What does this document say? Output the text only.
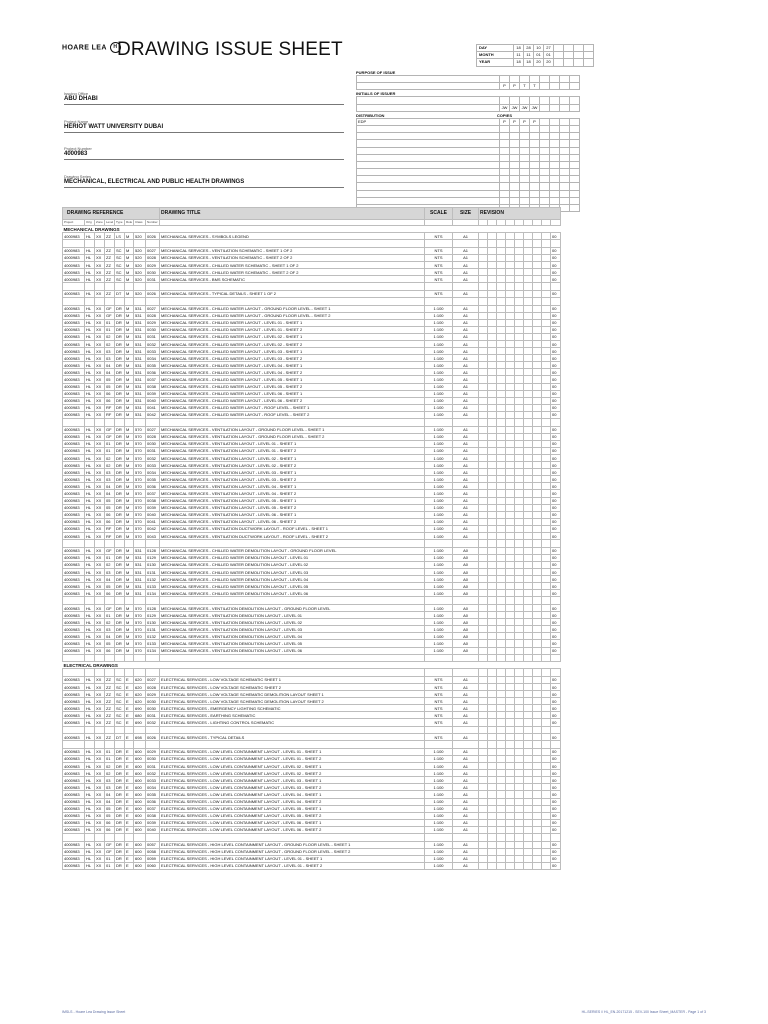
HOARE LEA H DRAWING ISSUE SHEET	DAY	18	28	10	27				
MONTH	11	11	01	01				
YEAR	18	18	20	20				
Issuing Office
ABU DHABI
Project Name
HERIOT WATT UNIVERSITY DUBAI
Project Number
4000983
Drawing Series
MECHANICAL, ELECTRICAL AND PUBLIC HEALTH DRAWINGS
PURPOSE OF ISSUE

	P	P	T	T				
INITIALS OF ISSUER

	JW	JW	JW	JW				
DISTRIBUTION	COPIES
EDP	P	P	P	P				

DRAWING REFERENCE								DRAWING TITLE	SCALE	SIZE	REVISION								
Project	Orig	Zone	Level	Type	Role	Class	Number												
MECHANICAL DRAWINGS																			
4000983	HL	XX	ZZ	LS	M	520	0026	MECHANICAL SERVICES - SYMBOLS LEGEND	NTS	A1									00

4000983	HL	XX	ZZ	SC	M	520	0027	MECHANICAL SERVICES - VENTILATION SCHEMATIC - SHEET 1 OF 2	NTS	A1									00
4000983	HL	XX	ZZ	SC	M	520	0028	MECHANICAL SERVICES - VENTILATION SCHEMATIC - SHEET 2 OF 2	NTS	A1									00
4000983	HL	XX	ZZ	SC	M	520	0029	MECHANICAL SERVICES - CHILLED WATER SCHEMATIC - SHEET 1 OF 2	NTS	A1									00
4000983	HL	XX	ZZ	SC	M	520	0030	MECHANICAL SERVICES - CHILLED WATER SCHEMATIC - SHEET 2 OF 2	NTS	A1									00
4000983	HL	XX	ZZ	SC	M	520	0031	MECHANICAL SERVICES - BMS SCHEMATIC	NTS	A1									00

4000983	HL	XX	ZZ	DT	M	520	0026	MECHANICAL SERVICES - TYPICAL DETAILS - SHEET 1 OF 2	NTS	A1									00

4000983	HL	XX	GF	DR	M	531	0027	MECHANICAL SERVICES - CHILLED WATER LAYOUT - GROUND FLOOR LEVEL - SHEET 1	1:100	A1									00
4000983	HL	XX	GF	DR	M	531	0028	MECHANICAL SERVICES - CHILLED WATER LAYOUT - GROUND FLOOR LEVEL - SHEET 2	1:100	A1									00
4000983	HL	XX	01	DR	M	531	0029	MECHANICAL SERVICES - CHILLED WATER LAYOUT - LEVEL 01 - SHEET 1	1:100	A1									00
4000983	HL	XX	01	DR	M	531	0030	MECHANICAL SERVICES - CHILLED WATER LAYOUT - LEVEL 01 - SHEET 2	1:100	A1									00
4000983	HL	XX	02	DR	M	531	0031	MECHANICAL SERVICES - CHILLED WATER LAYOUT - LEVEL 02 - SHEET 1	1:100	A1									00
4000983	HL	XX	02	DR	M	531	0032	MECHANICAL SERVICES - CHILLED WATER LAYOUT - LEVEL 02 - SHEET 2	1:100	A1									00
4000983	HL	XX	03	DR	M	531	0033	MECHANICAL SERVICES - CHILLED WATER LAYOUT - LEVEL 03 - SHEET 1	1:100	A1									00
4000983	HL	XX	03	DR	M	531	0034	MECHANICAL SERVICES - CHILLED WATER LAYOUT - LEVEL 03 - SHEET 2	1:100	A1									00
4000983	HL	XX	04	DR	M	531	0035	MECHANICAL SERVICES - CHILLED WATER LAYOUT - LEVEL 04 - SHEET 1	1:100	A1									00
4000983	HL	XX	04	DR	M	531	0036	MECHANICAL SERVICES - CHILLED WATER LAYOUT - LEVEL 04 - SHEET 2	1:100	A1									00
4000983	HL	XX	05	DR	M	531	0037	MECHANICAL SERVICES - CHILLED WATER LAYOUT - LEVEL 05 - SHEET 1	1:100	A1									00
4000983	HL	XX	05	DR	M	531	0038	MECHANICAL SERVICES - CHILLED WATER LAYOUT - LEVEL 05 - SHEET 2	1:100	A1									00
4000983	HL	XX	06	DR	M	531	0039	MECHANICAL SERVICES - CHILLED WATER LAYOUT - LEVEL 06 - SHEET 1	1:100	A1									00
4000983	HL	XX	06	DR	M	531	0040	MECHANICAL SERVICES - CHILLED WATER LAYOUT - LEVEL 06 - SHEET 2	1:100	A1									00
4000983	HL	XX	RF	DR	M	531	0041	MECHANICAL SERVICES - CHILLED WATER LAYOUT - ROOF LEVEL - SHEET 1	1:100	A1									00
4000983	HL	XX	RF	DR	M	531	0042	MECHANICAL SERVICES - CHILLED WATER LAYOUT - ROOF LEVEL - SHEET 2	1:100	A1									00

4000983	HL	XX	GF	DR	M	570	0027	MECHANICAL SERVICES - VENTILATION LAYOUT - GROUND FLOOR LEVEL - SHEET 1	1:100	A1									00
4000983	HL	XX	GF	DR	M	570	0028	MECHANICAL SERVICES - VENTILATION LAYOUT - GROUND FLOOR LEVEL - SHEET 2	1:100	A1									00
4000983	HL	XX	01	DR	M	570	0030	MECHANICAL SERVICES - VENTILATION LAYOUT - LEVEL 01 - SHEET 1	1:100	A1									00
4000983	HL	XX	01	DR	M	570	0031	MECHANICAL SERVICES - VENTILATION LAYOUT - LEVEL 01 - SHEET 2	1:100	A1									00
4000983	HL	XX	02	DR	M	570	0032	MECHANICAL SERVICES - VENTILATION LAYOUT - LEVEL 02 - SHEET 1	1:100	A1									00
4000983	HL	XX	02	DR	M	570	0033	MECHANICAL SERVICES - VENTILATION LAYOUT - LEVEL 02 - SHEET 2	1:100	A1									00
4000983	HL	XX	03	DR	M	570	0034	MECHANICAL SERVICES - VENTILATION LAYOUT - LEVEL 03 - SHEET 1	1:100	A1									00
4000983	HL	XX	03	DR	M	570	0035	MECHANICAL SERVICES - VENTILATION LAYOUT - LEVEL 03 - SHEET 2	1:100	A1									00
4000983	HL	XX	04	DR	M	570	0036	MECHANICAL SERVICES - VENTILATION LAYOUT - LEVEL 04 - SHEET 1	1:100	A1									00
4000983	HL	XX	04	DR	M	570	0037	MECHANICAL SERVICES - VENTILATION LAYOUT - LEVEL 04 - SHEET 2	1:100	A1									00
4000983	HL	XX	05	DR	M	570	0038	MECHANICAL SERVICES - VENTILATION LAYOUT - LEVEL 05 - SHEET 1	1:100	A1									00
4000983	HL	XX	05	DR	M	570	0039	MECHANICAL SERVICES - VENTILATION LAYOUT - LEVEL 05 - SHEET 2	1:100	A1									00
4000983	HL	XX	06	DR	M	570	0040	MECHANICAL SERVICES - VENTILATION LAYOUT - LEVEL 06 - SHEET 1	1:100	A1									00
4000983	HL	XX	06	DR	M	570	0041	MECHANICAL SERVICES - VENTILATION LAYOUT - LEVEL 06 - SHEET 2	1:100	A1									00
4000983	HL	XX	RF	DR	M	570	0042	MECHANICAL SERVICES - VENTILATION DUCTWORK LAYOUT - ROOF LEVEL - SHEET 1	1:100	A1									00
4000983	HL	XX	RF	DR	M	570	0043	MECHANICAL SERVICES - VENTILATION DUCTWORK LAYOUT - ROOF LEVEL - SHEET 2	1:100	A1									00

4000983	HL	XX	GF	DR	M	531	0128	MECHANICAL SERVICES - CHILLED WATER DEMOLITION LAYOUT - GROUND FLOOR LEVEL	1:100	A0									00
4000983	HL	XX	01	DR	M	531	0129	MECHANICAL SERVICES - CHILLED WATER DEMOLITION LAYOUT - LEVEL 01	1:100	A0									00
4000983	HL	XX	02	DR	M	531	0130	MECHANICAL SERVICES - CHILLED WATER DEMOLITION LAYOUT - LEVEL 02	1:100	A0									00
4000983	HL	XX	03	DR	M	531	0131	MECHANICAL SERVICES - CHILLED WATER DEMOLITION LAYOUT - LEVEL 03	1:100	A0									00
4000983	HL	XX	04	DR	M	531	0132	MECHANICAL SERVICES - CHILLED WATER DEMOLITION LAYOUT - LEVEL 04	1:100	A0									00
4000983	HL	XX	05	DR	M	531	0133	MECHANICAL SERVICES - CHILLED WATER DEMOLITION LAYOUT - LEVEL 05	1:100	A0									00
4000983	HL	XX	06	DR	M	531	0134	MECHANICAL SERVICES - CHILLED WATER DEMOLITION LAYOUT - LEVEL 06	1:100	A0									00

4000983	HL	XX	GF	DR	M	570	0128	MECHANICAL SERVICES - VENTILATION DEMOLITION LAYOUT - GROUND FLOOR LEVEL	1:100	A0									00
4000983	HL	XX	01	DR	M	570	0129	MECHANICAL SERVICES - VENTILATION DEMOLITION LAYOUT - LEVEL 01	1:100	A0									00
4000983	HL	XX	02	DR	M	570	0130	MECHANICAL SERVICES - VENTILATION DEMOLITION LAYOUT - LEVEL 02	1:100	A0									00
4000983	HL	XX	03	DR	M	570	0131	MECHANICAL SERVICES - VENTILATION DEMOLITION LAYOUT - LEVEL 03	1:100	A0									00
4000983	HL	XX	04	DR	M	570	0132	MECHANICAL SERVICES - VENTILATION DEMOLITION LAYOUT - LEVEL 04	1:100	A0									00
4000983	HL	XX	05	DR	M	570	0133	MECHANICAL SERVICES - VENTILATION DEMOLITION LAYOUT - LEVEL 05	1:100	A0									00
4000983	HL	XX	06	DR	M	570	0134	MECHANICAL SERVICES - VENTILATION DEMOLITION LAYOUT - LEVEL 06	1:100	A0									00

ELECTRICAL DRAWINGS																			

4000983	HL	XX	ZZ	SC	E	620	0027	ELECTRICAL SERVICES - LOW VOLTAGE SCHEMATIC SHEET 1	NTS	A1									00
4000983	HL	XX	ZZ	SC	E	620	0028	ELECTRICAL SERVICES - LOW VOLTAGE SCHEMATIC SHEET 2	NTS	A1									00
4000983	HL	XX	ZZ	SC	E	620	0029	ELECTRICAL SERVICES - LOW VOLTAGE SCHEMATIC DEMOLITION LAYOUT SHEET 1	NTS	A1									00
4000983	HL	XX	ZZ	SC	E	620	0030	ELECTRICAL SERVICES - LOW VOLTAGE SCHEMATIC DEMOLITION LAYOUT SHEET 2	NTS	A1									00
4000983	HL	XX	ZZ	SC	E	690	0030	ELECTRICAL SERVICES - EMERGENCY LIGHTING SCHEMATIC	NTS	A1									00
4000983	HL	XX	ZZ	SC	E	680	0031	ELECTRICAL SERVICES - EARTHING SCHEMATIC	NTS	A1									00
4000983	HL	XX	ZZ	SC	E	690	0032	ELECTRICAL SERVICES - LIGHTING CONTROL SCHEMATIC	NTS	A1									00

4000983	HL	XX	ZZ	DT	E	698	0026	ELECTRICAL SERVICES - TYPICAL DETAILS	NTS	A1									00

4000983	HL	XX	01	DR	E	600	0029	ELECTRICAL SERVICES - LOW LEVEL CONTAINMENT LAYOUT - LEVEL 01 - SHEET 1	1:100	A1									00
4000983	HL	XX	01	DR	E	600	0030	ELECTRICAL SERVICES - LOW LEVEL CONTAINMENT LAYOUT - LEVEL 01 - SHEET 2	1:100	A1									00
4000983	HL	XX	02	DR	E	600	0031	ELECTRICAL SERVICES - LOW LEVEL CONTAINMENT LAYOUT - LEVEL 02 - SHEET 1	1:100	A1									00
4000983	HL	XX	02	DR	E	600	0032	ELECTRICAL SERVICES - LOW LEVEL CONTAINMENT LAYOUT - LEVEL 02 - SHEET 2	1:100	A1									00
4000983	HL	XX	03	DR	E	600	0033	ELECTRICAL SERVICES - LOW LEVEL CONTAINMENT LAYOUT - LEVEL 03 - SHEET 1	1:100	A1									00
4000983	HL	XX	03	DR	E	600	0034	ELECTRICAL SERVICES - LOW LEVEL CONTAINMENT LAYOUT - LEVEL 03 - SHEET 2	1:100	A1									00
4000983	HL	XX	04	DR	E	600	0035	ELECTRICAL SERVICES - LOW LEVEL CONTAINMENT LAYOUT - LEVEL 04 - SHEET 1	1:100	A1									00
4000983	HL	XX	04	DR	E	600	0036	ELECTRICAL SERVICES - LOW LEVEL CONTAINMENT LAYOUT - LEVEL 04 - SHEET 2	1:100	A1									00
4000983	HL	XX	05	DR	E	600	0037	ELECTRICAL SERVICES - LOW LEVEL CONTAINMENT LAYOUT - LEVEL 05 - SHEET 1	1:100	A1									00
4000983	HL	XX	05	DR	E	600	0038	ELECTRICAL SERVICES - LOW LEVEL CONTAINMENT LAYOUT - LEVEL 05 - SHEET 2	1:100	A1									00
4000983	HL	XX	06	DR	E	600	0039	ELECTRICAL SERVICES - LOW LEVEL CONTAINMENT LAYOUT - LEVEL 06 - SHEET 1	1:100	A1									00
4000983	HL	XX	06	DR	E	600	0040	ELECTRICAL SERVICES - LOW LEVEL CONTAINMENT LAYOUT - LEVEL 06 - SHEET 2	1:100	A1									00

4000983	HL	XX	GF	DR	E	600	0057	ELECTRICAL SERVICES - HIGH LEVEL CONTAINMENT LAYOUT - GROUND FLOOR LEVEL - SHEET 1	1:100	A1									00
4000983	HL	XX	GF	DR	E	600	0058	ELECTRICAL SERVICES - HIGH LEVEL CONTAINMENT LAYOUT - GROUND FLOOR LEVEL - SHEET 2	1:100	A1									00
4000983	HL	XX	01	DR	E	600	0059	ELECTRICAL SERVICES - HIGH LEVEL CONTAINMENT LAYOUT - LEVEL 01 - SHEET 1	1:100	A1									00
4000983	HL	XX	01	DR	E	600	0060	ELECTRICAL SERVICES - HIGH LEVEL CONTAINMENT LAYOUT - LEVEL 01 - SHEET 2	1:100	A1									00
IMSLS - Hoare Lea Drawing Issue Sheet	HL-SERIES // HL_EN-20171215 - SEV-100 Issue Sheet_MASTER - Page 1 of 3
